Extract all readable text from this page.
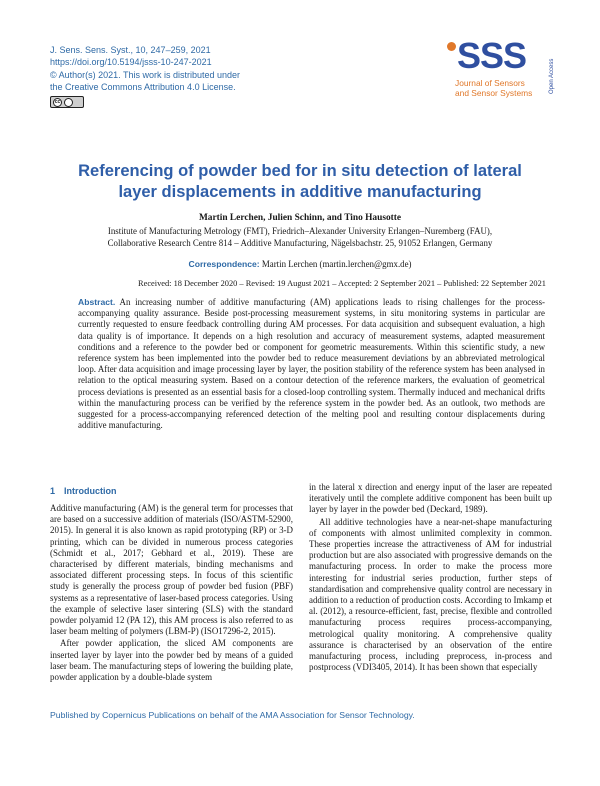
J. Sens. Sens. Syst., 10, 247–259, 2021
https://doi.org/10.5194/jsss-10-247-2021
© Author(s) 2021. This work is distributed under
the Creative Commons Attribution 4.0 License.
cc
SSS
Journal of Sensors
and Sensor Systems	Open Access
Referencing of powder bed for in situ detection of lateral
layer displacements in additive manufacturing
Martin Lerchen, Julien Schinn, and Tino Hausotte
Institute of Manufacturing Metrology (FMT), Friedrich–Alexander University Erlangen–Nuremberg (FAU),
Collaborative Research Centre 814 – Additive Manufacturing, Nägelsbachstr. 25, 91052 Erlangen, Germany
Correspondence: Martin Lerchen (martin.lerchen@gmx.de)
Received: 18 December 2020 – Revised: 19 August 2021 – Accepted: 2 September 2021 – Published: 22 September 2021
Abstract. An increasing number of additive manufacturing (AM) applications leads to rising challenges for the process-accompanying quality assurance. Beside post-processing measurement systems, in situ monitoring systems in particular are currently requested to ensure feedback controlling during AM processes. For data acquisition and subsequent evaluation, a high data quality is of importance. It depends on a high resolution and accuracy of measurement systems, adapted measurement conditions and a reference to the powder bed or component for geometric measurements. Within this scientific study, a new reference system has been implemented into the powder bed to reduce measurement deviations by an abbreviated metrological loop. After data acquisition and image processing layer by layer, the position stability of the reference system has been analysed in relation to the optical measuring system. Based on a contour detection of the reference markers, the evaluation of geometrical process deviations is presented as an essential basis for a closed-loop controlling system. Thermally induced and mechanical drifts within the manufacturing process can be verified by the reference system in the powder bed. As an outlook, two methods are suggested for a process-accompanying referenced detection of the melting pool and resulting contour displacements during additive manufacturing.
1 Introduction

Additive manufacturing (AM) is the general term for processes that are based on a successive addition of materials (ISO/ASTM-52900, 2015). In general it is also known as rapid prototyping (RP) or 3-D printing, which can be divided in numerous process categories (Schmidt et al., 2017; Gebhard et al., 2019). These are characterised by different materials, binding mechanisms and associated different processing steps. In focus of this scientific study is generally the process group of powder bed fusion (PBF) systems as a representative of laser-based process categories. Using the example of selective laser sintering (SLS) with the standard powder polyamid 12 (PA 12), this AM process is also referred to as laser beam melting of polymers (LBM-P) (ISO17296-2, 2015).

After powder application, the sliced AM components are inserted layer by layer into the powder bed by means of a guided laser beam. The manufacturing steps of lowering the building plate, powder application by a double-blade system

in the lateral x direction and energy input of the laser are repeated iteratively until the complete additive component has been built up layer by layer in the powder bed (Deckard, 1989).

All additive technologies have a near-net-shape manufacturing of components with almost unlimited complexity in common. These properties increase the attractiveness of AM for industrial production but are also associated with progressive demands on the manufacturing process. In order to make the process more interesting for industrial series production, further steps of standardisation and comprehensive quality control are necessary in addition to a reduction of production costs. According to Imkamp et al. (2012), a resource-efficient, fast, precise, flexible and controlled manufacturing process requires process-accompanying, metrological quality monitoring. A comprehensive quality assurance is characterised by an observation of the entire manufacturing process, including preprocess, in-process and postprocess (VDI3405, 2014). It has been shown that especially

Published by Copernicus Publications on behalf of the AMA Association for Sensor Technology.
